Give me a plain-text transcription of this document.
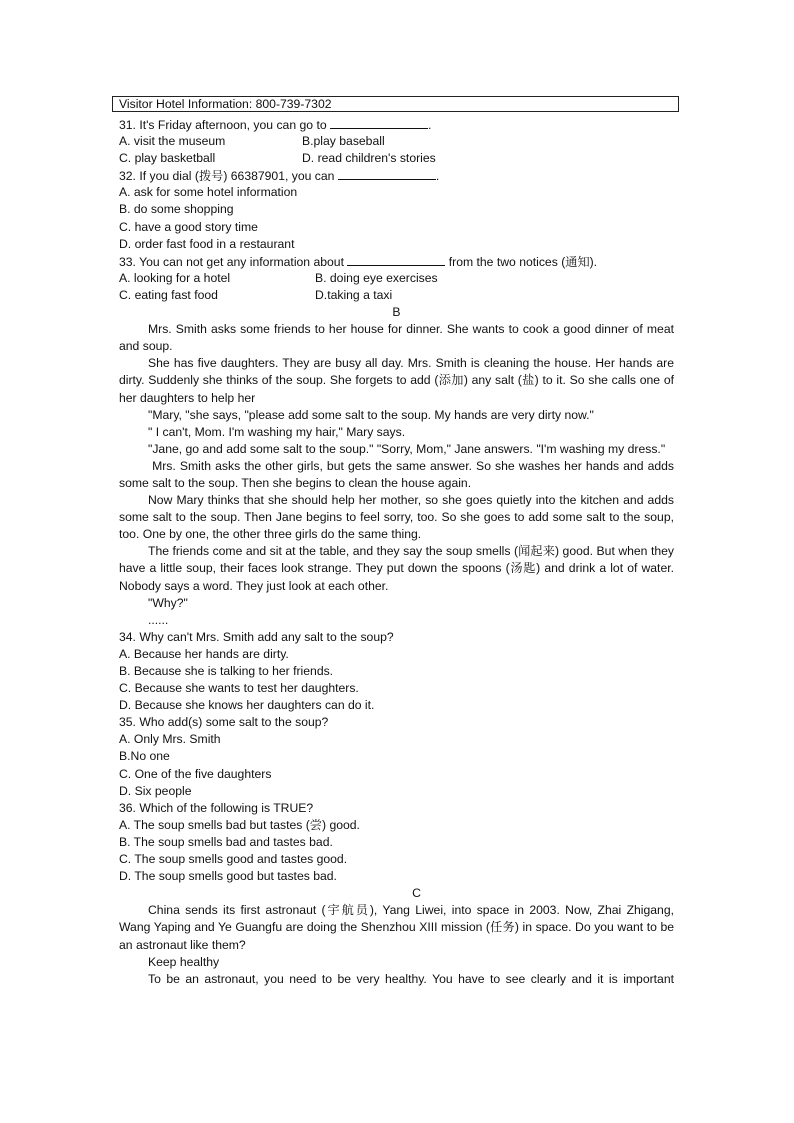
Visitor Hotel Information: 800-739-7302
31. It's Friday afternoon, you can go to	.
A. visit the museum	B.play baseball
C. play basketball	D. read children's stories
32. If you dial (拨号) 66387901, you can	.
A. ask for some hotel information
B. do some shopping
C. have a good story time
D. order fast food in a restaurant
33. You can not get any information about	from the two notices (通知).
A. looking for a hotel	B. doing eye exercises
C. eating fast food	D.taking a taxi
B
Mrs. Smith asks some friends to her house for dinner. She wants to cook a good dinner of meat and soup.
She has five daughters. They are busy all day. Mrs. Smith is cleaning the house. Her hands are dirty. Suddenly she thinks of the soup. She forgets to add (添加) any salt (盐) to it. So she calls one of her daughters to help her
"Mary, "she says, "please add some salt to the soup. My hands are very dirty now."
" I can't, Mom. I'm washing my hair," Mary says.
"Jane, go and add some salt to the soup." "Sorry, Mom," Jane answers. "I'm washing my dress."
Mrs. Smith asks the other girls, but gets the same answer. So she washes her hands and adds some salt to the soup. Then she begins to clean the house again.
Now Mary thinks that she should help her mother, so she goes quietly into the kitchen and adds some salt to the soup. Then Jane begins to feel sorry, too. So she goes to add some salt to the soup, too. One by one, the other three girls do the same thing.
The friends come and sit at the table, and they say the soup smells (闻起来) good. But when they have a little soup, their faces look strange. They put down the spoons (汤匙) and drink a lot of water. Nobody says a word. They just look at each other.
"Why?"
......
34. Why can't Mrs. Smith add any salt to the soup?
A. Because her hands are dirty.
B. Because she is talking to her friends.
C. Because she wants to test her daughters.
D. Because she knows her daughters can do it.
35. Who add(s) some salt to the soup?
A. Only Mrs. Smith
B.No one
C. One of the five daughters
D. Six people
36. Which of the following is TRUE?
A. The soup smells bad but tastes (尝) good.
B. The soup smells bad and tastes bad.
C. The soup smells good and tastes good.
D. The soup smells good but tastes bad.
C
China sends its first astronaut (宇航员), Yang Liwei, into space in 2003. Now, Zhai Zhigang, Wang Yaping and Ye Guangfu are doing the Shenzhou XIII mission (任务) in space. Do you want to be an astronaut like them?
Keep healthy
To be an astronaut, you need to be very healthy. You have to see clearly and it is important
